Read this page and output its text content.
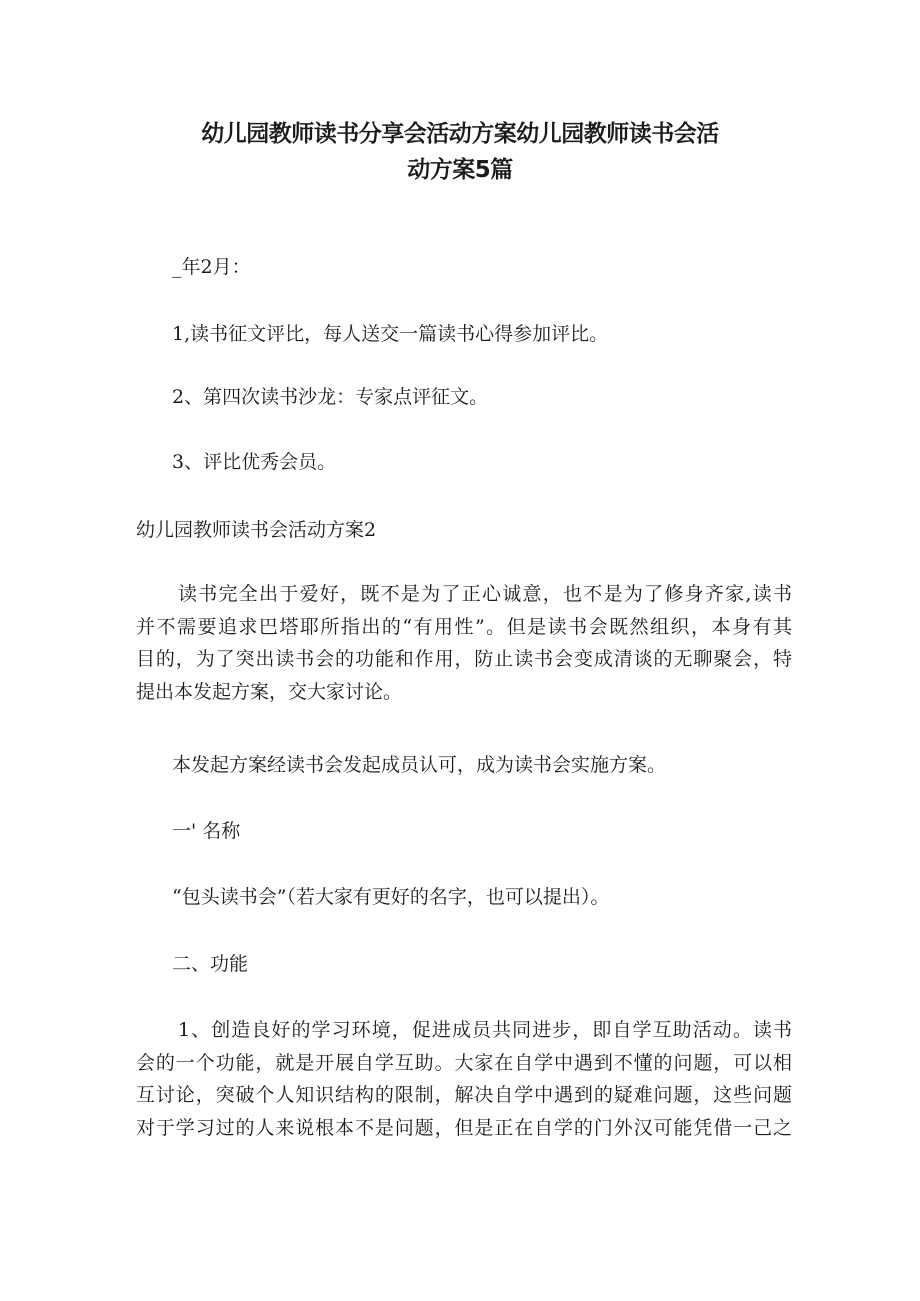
幼儿园教师读书分享会活动方案幼儿园教师读书会活
动方案5篇
_年2月：
1,读书征文评比，每人送交一篇读书心得参加评比。
2、第四次读书沙龙：专家点评征文。
3、评比优秀会员。
幼儿园教师读书会活动方案2
读书完全出于爱好，既不是为了正心诚意，也不是为了修身齐家,读书
并不需要追求巴塔耶所指出的“有用性”。但是读书会既然组织，本身有其
目的，为了突出读书会的功能和作用，防止读书会变成清谈的无聊聚会，特
提出本发起方案，交大家讨论。
本发起方案经读书会发起成员认可，成为读书会实施方案。
一' 名称
“包头读书会”（若大家有更好的名字，也可以提出）。
二、功能
1、创造良好的学习环境，促进成员共同进步，即自学互助活动。读书
会的一个功能，就是开展自学互助。大家在自学中遇到不懂的问题，可以相
互讨论，突破个人知识结构的限制，解决自学中遇到的疑难问题，这些问题
对于学习过的人来说根本不是问题，但是正在自学的门外汉可能凭借一己之
